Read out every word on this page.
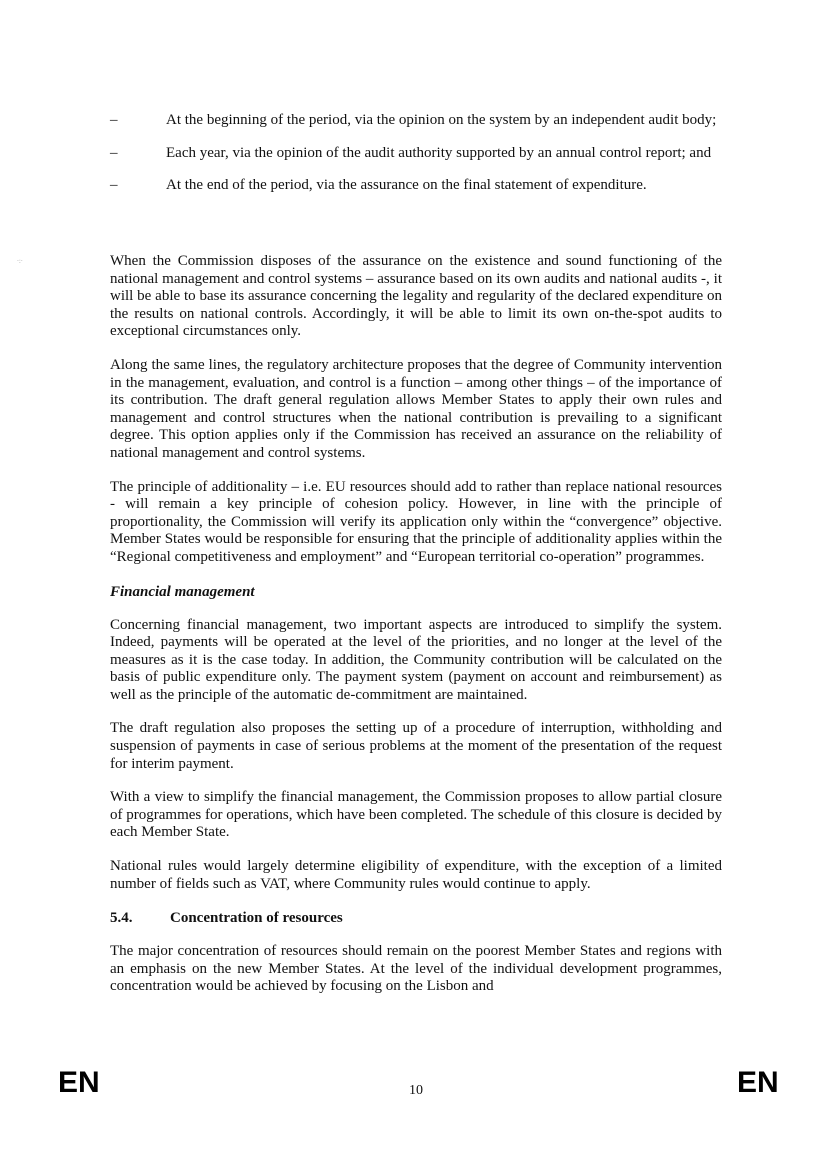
·:·
–	At the beginning of the period, via the opinion on the system by an independent audit body;
–	Each year, via the opinion of the audit authority supported by an annual control report; and
–	At the end of the period, via the assurance on the final statement of expenditure.

When the Commission disposes of the assurance on the existence and sound functioning of the national management and control systems – assurance based on its own audits and national audits -, it will be able to base its assurance concerning the legality and regularity of the declared expenditure on the results on national controls. Accordingly, it will be able to limit its own on-the-spot audits to exceptional circumstances only.

Along the same lines, the regulatory architecture proposes that the degree of Community intervention in the management, evaluation, and control is a function – among other things – of the importance of its contribution. The draft general regulation allows Member States to apply their own rules and management and control structures when the national contribution is prevailing to a significant degree. This option applies only if the Commission has received an assurance on the reliability of national management and control systems.

The principle of additionality – i.e. EU resources should add to rather than replace national resources - will remain a key principle of cohesion policy. However, in line with the principle of proportionality, the Commission will verify its application only within the “convergence” objective. Member States would be responsible for ensuring that the principle of additionality applies within the “Regional competitiveness and employment” and “European territorial co-operation” programmes.

Financial management

Concerning financial management, two important aspects are introduced to simplify the system. Indeed, payments will be operated at the level of the priorities, and no longer at the level of the measures as it is the case today. In addition, the Community contribution will be calculated on the basis of public expenditure only. The payment system (payment on account and reimbursement) as well as the principle of the automatic de-commitment are maintained.

The draft regulation also proposes the setting up of a procedure of interruption, withholding and suspension of payments in case of serious problems at the moment of the presentation of the request for interim payment.

With a view to simplify the financial management, the Commission proposes to allow partial closure of programmes for operations, which have been completed. The schedule of this closure is decided by each Member State.

National rules would largely determine eligibility of expenditure, with the exception of a limited number of fields such as VAT, where Community rules would continue to apply.

5.4.	Concentration of resources

The major concentration of resources should remain on the poorest Member States and regions with an emphasis on the new Member States. At the level of the individual development programmes, concentration would be achieved by focusing on the Lisbon and

EN	10	EN
